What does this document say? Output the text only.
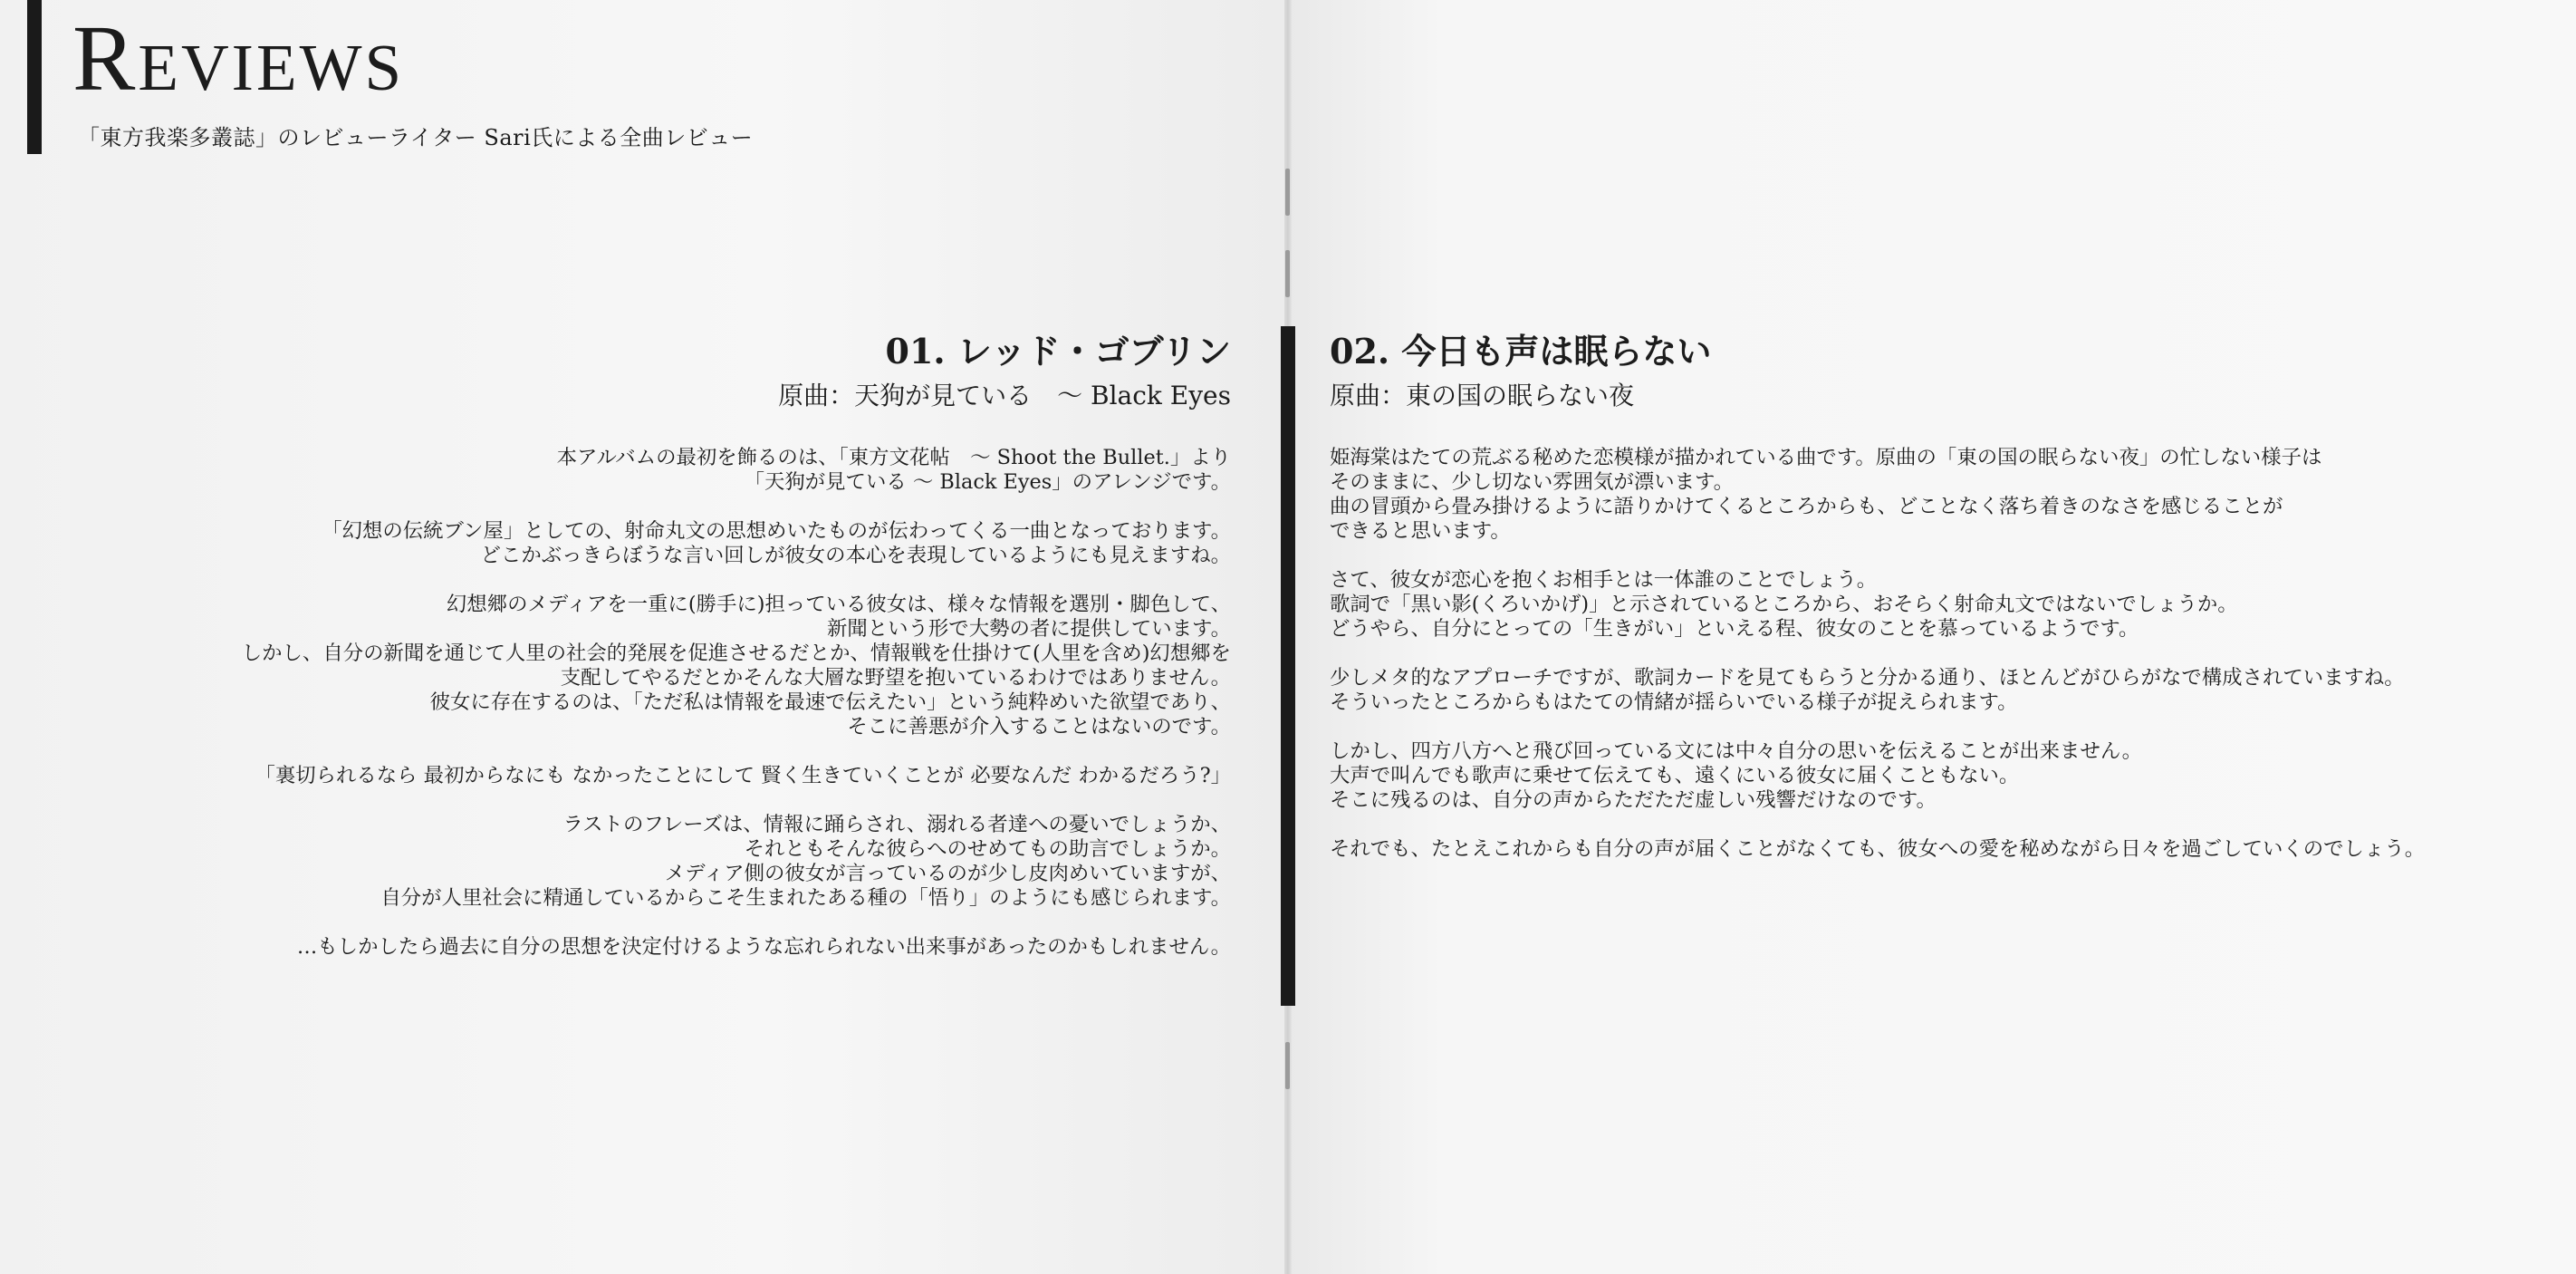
Reviews
「東方我楽多叢誌」のレビューライター Sari氏による全曲レビュー
01. レッド・ゴブリン
原曲：天狗が見ている　～ Black Eyes

本アルバムの最初を飾るのは、「東方文花帖　～ Shoot the Bullet.」より
「天狗が見ている ～ Black Eyes」のアレンジです。

「幻想の伝統ブン屋」としての、射命丸文の思想めいたものが伝わってくる一曲となっております。
どこかぶっきらぼうな言い回しが彼女の本心を表現しているようにも見えますね。

幻想郷のメディアを一重に(勝手に)担っている彼女は、様々な情報を選別・脚色して、
新聞という形で大勢の者に提供しています。
しかし、自分の新聞を通じて人里の社会的発展を促進させるだとか、情報戦を仕掛けて(人里を含め)幻想郷を
支配してやるだとかそんな大層な野望を抱いているわけではありません。
彼女に存在するのは、「ただ私は情報を最速で伝えたい」という純粋めいた欲望であり、
そこに善悪が介入することはないのです。

「裏切られるなら 最初からなにも なかったことにして 賢く生きていくことが 必要なんだ わかるだろう?」

ラストのフレーズは、情報に踊らされ、溺れる者達への憂いでしょうか、
それともそんな彼らへのせめてもの助言でしょうか。
メディア側の彼女が言っているのが少し皮肉めいていますが、
自分が人里社会に精通しているからこそ生まれたある種の「悟り」のようにも感じられます。

…もしかしたら過去に自分の思想を決定付けるような忘れられない出来事があったのかもしれません。

02. 今日も声は眠らない
原曲：東の国の眠らない夜

姫海棠はたての荒ぶる秘めた恋模様が描かれている曲です。原曲の「東の国の眠らない夜」の忙しない様子は
そのままに、少し切ない雰囲気が漂います。
曲の冒頭から畳み掛けるように語りかけてくるところからも、どことなく落ち着きのなさを感じることが
できると思います。

さて、彼女が恋心を抱くお相手とは一体誰のことでしょう。
歌詞で「黒い影(くろいかげ)」と示されているところから、おそらく射命丸文ではないでしょうか。
どうやら、自分にとっての「生きがい」といえる程、彼女のことを慕っているようです。

少しメタ的なアプローチですが、歌詞カードを見てもらうと分かる通り、ほとんどがひらがなで構成されていますね。
そういったところからもはたての情緒が揺らいでいる様子が捉えられます。

しかし、四方八方へと飛び回っている文には中々自分の思いを伝えることが出来ません。
大声で叫んでも歌声に乗せて伝えても、遠くにいる彼女に届くこともない。
そこに残るのは、自分の声からただただ虚しい残響だけなのです。

それでも、たとえこれからも自分の声が届くことがなくても、彼女への愛を秘めながら日々を過ごしていくのでしょう。
